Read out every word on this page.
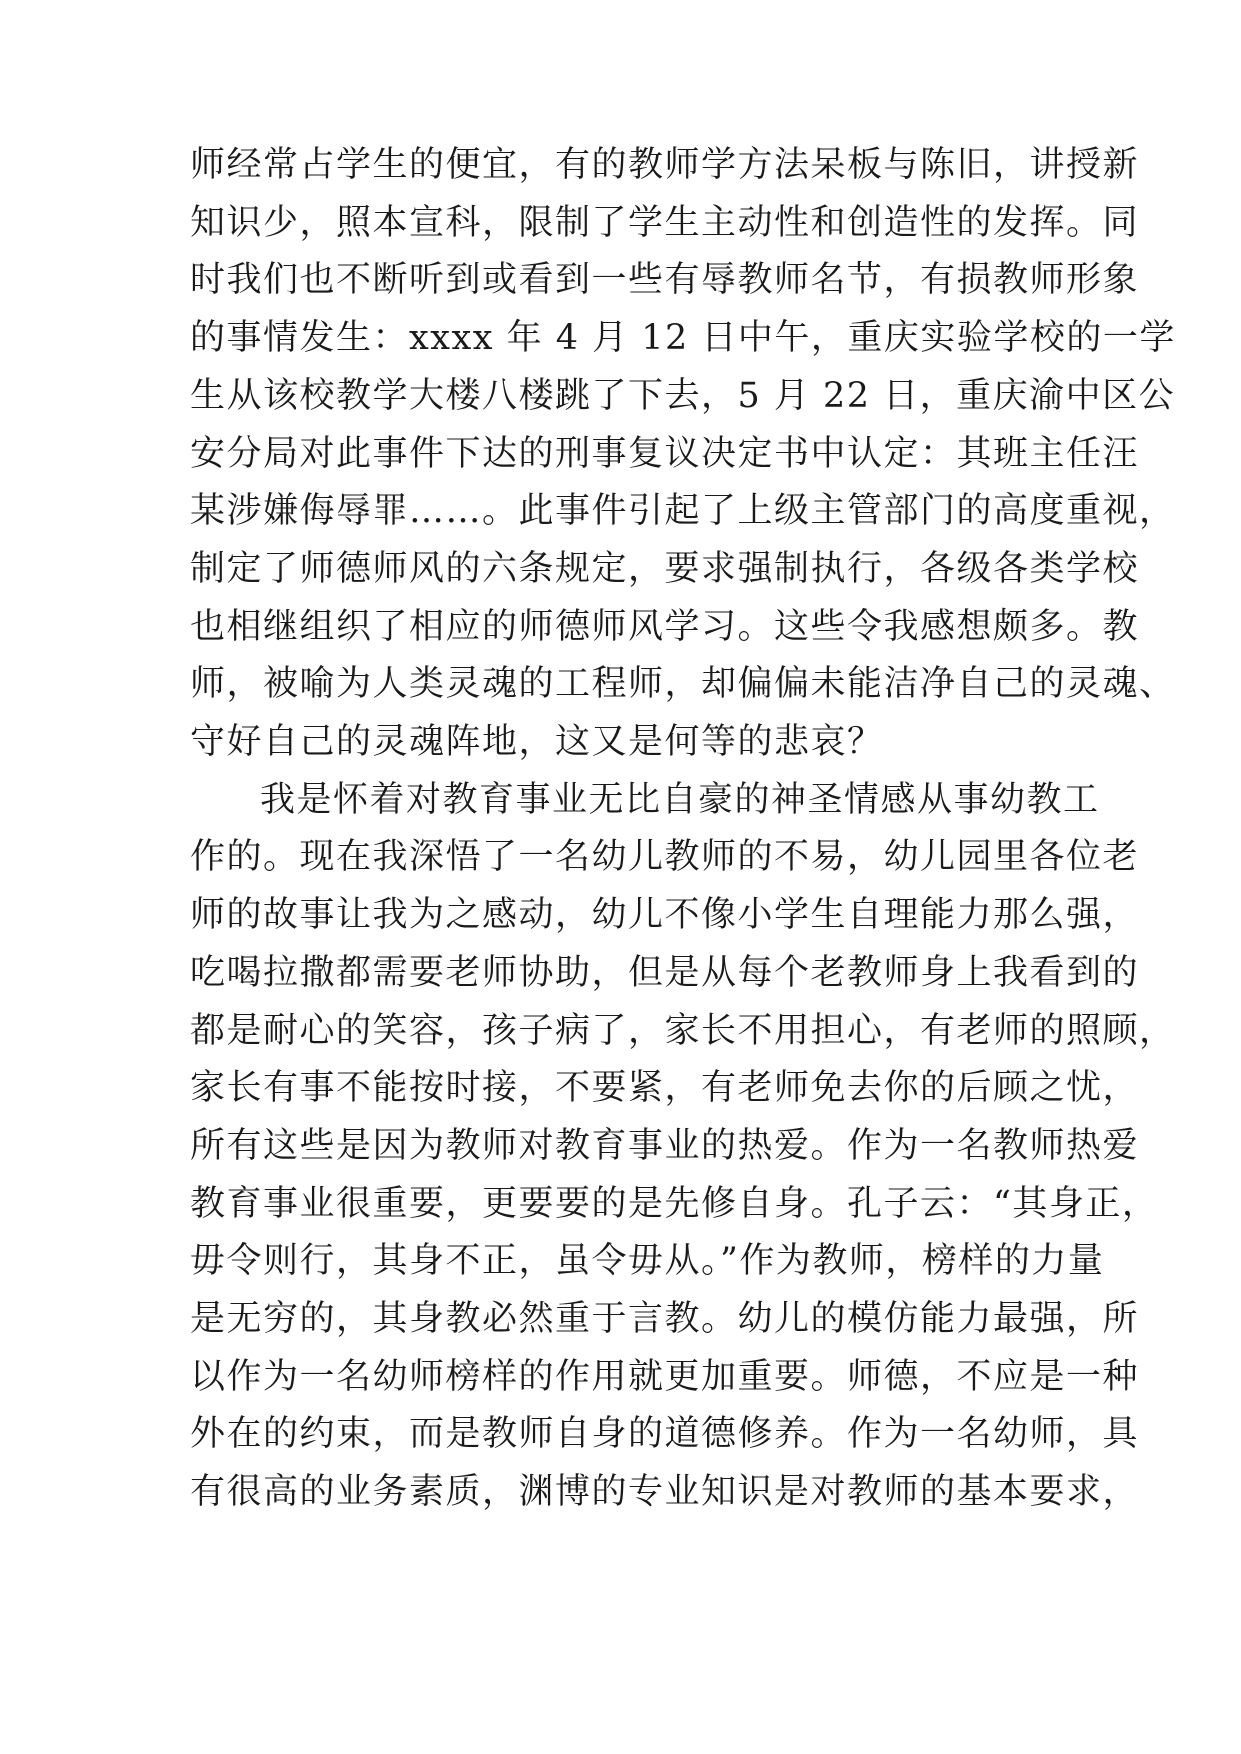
师经常占学生的便宜，有的教师学方法呆板与陈旧，讲授新
知识少，照本宣科，限制了学生主动性和创造性的发挥。同
时我们也不断听到或看到一些有辱教师名节，有损教师形象
的事情发生：xxxx 年 4 月 12 日中午，重庆实验学校的一学
生从该校教学大楼八楼跳了下去，5 月 22 日，重庆渝中区公
安分局对此事件下达的刑事复议决定书中认定：其班主任汪
某涉嫌侮辱罪……。此事件引起了上级主管部门的高度重视，
制定了师德师风的六条规定，要求强制执行，各级各类学校
也相继组织了相应的师德师风学习。这些令我感想颇多。教
师，被喻为人类灵魂的工程师，却偏偏未能洁净自己的灵魂、
守好自己的灵魂阵地，这又是何等的悲哀？
我是怀着对教育事业无比自豪的神圣情感从事幼教工
作的。现在我深悟了一名幼儿教师的不易，幼儿园里各位老
师的故事让我为之感动，幼儿不像小学生自理能力那么强，
吃喝拉撒都需要老师协助，但是从每个老教师身上我看到的
都是耐心的笑容，孩子病了，家长不用担心，有老师的照顾，
家长有事不能按时接，不要紧，有老师免去你的后顾之忧，
所有这些是因为教师对教育事业的热爱。作为一名教师热爱
教育事业很重要，更要要的是先修自身。孔子云：“其身正，
毋令则行，其身不正，虽令毋从。”作为教师，榜样的力量
是无穷的，其身教必然重于言教。幼儿的模仿能力最强，所
以作为一名幼师榜样的作用就更加重要。师德，不应是一种
外在的约束，而是教师自身的道德修养。作为一名幼师，具
有很高的业务素质，渊博的专业知识是对教师的基本要求，
